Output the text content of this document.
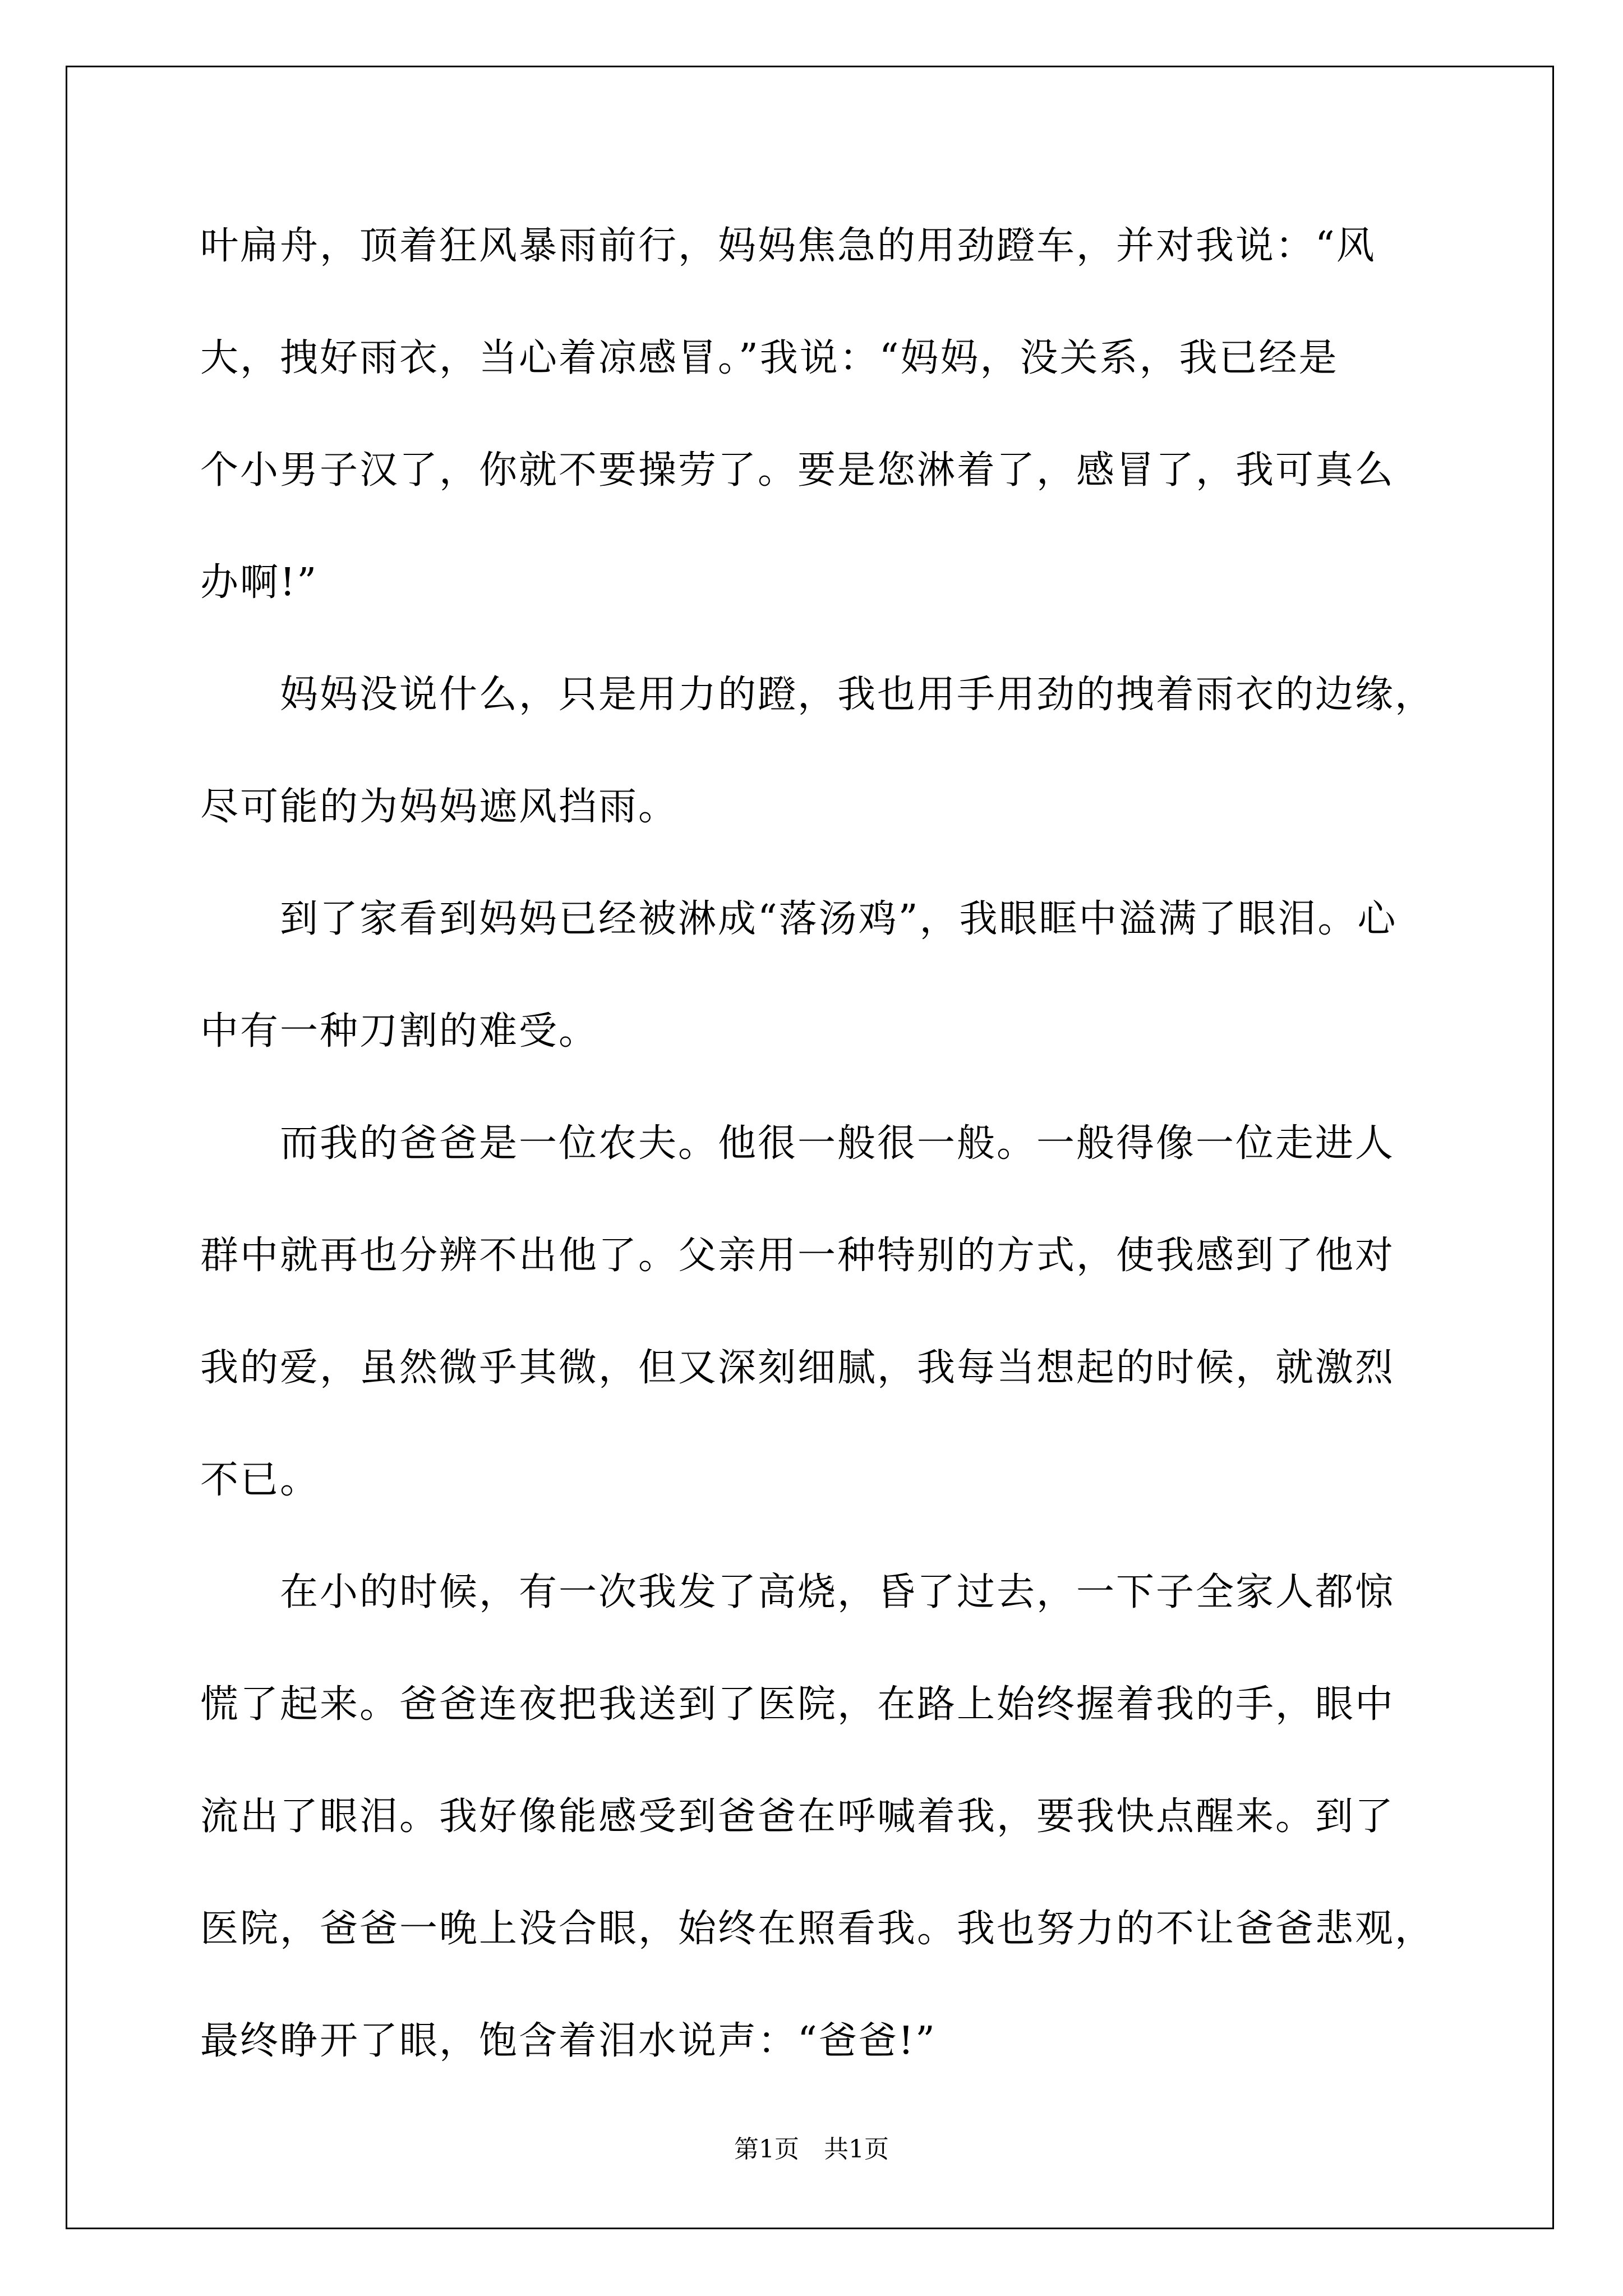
叶扁舟，顶着狂风暴雨前行，妈妈焦急的用劲蹬车，并对我说：“风
大，拽好雨衣，当心着凉感冒。”我说：“妈妈，没关系，我已经是
个小男子汉了，你就不要操劳了。要是您淋着了，感冒了，我可真么
办啊!”
妈妈没说什么，只是用力的蹬，我也用手用劲的拽着雨衣的边缘，
尽可能的为妈妈遮风挡雨。
到了家看到妈妈已经被淋成“落汤鸡”，我眼眶中溢满了眼泪。心
中有一种刀割的难受。
而我的爸爸是一位农夫。他很一般很一般。一般得像一位走进人
群中就再也分辨不出他了。父亲用一种特别的方式，使我感到了他对
我的爱，虽然微乎其微，但又深刻细腻，我每当想起的时候，就激烈
不已。
在小的时候，有一次我发了高烧，昏了过去，一下子全家人都惊
慌了起来。爸爸连夜把我送到了医院，在路上始终握着我的手，眼中
流出了眼泪。我好像能感受到爸爸在呼喊着我，要我快点醒来。到了
医院，爸爸一晚上没合眼，始终在照看我。我也努力的不让爸爸悲观，
最终睁开了眼，饱含着泪水说声：“爸爸!”
第1页　共1页
